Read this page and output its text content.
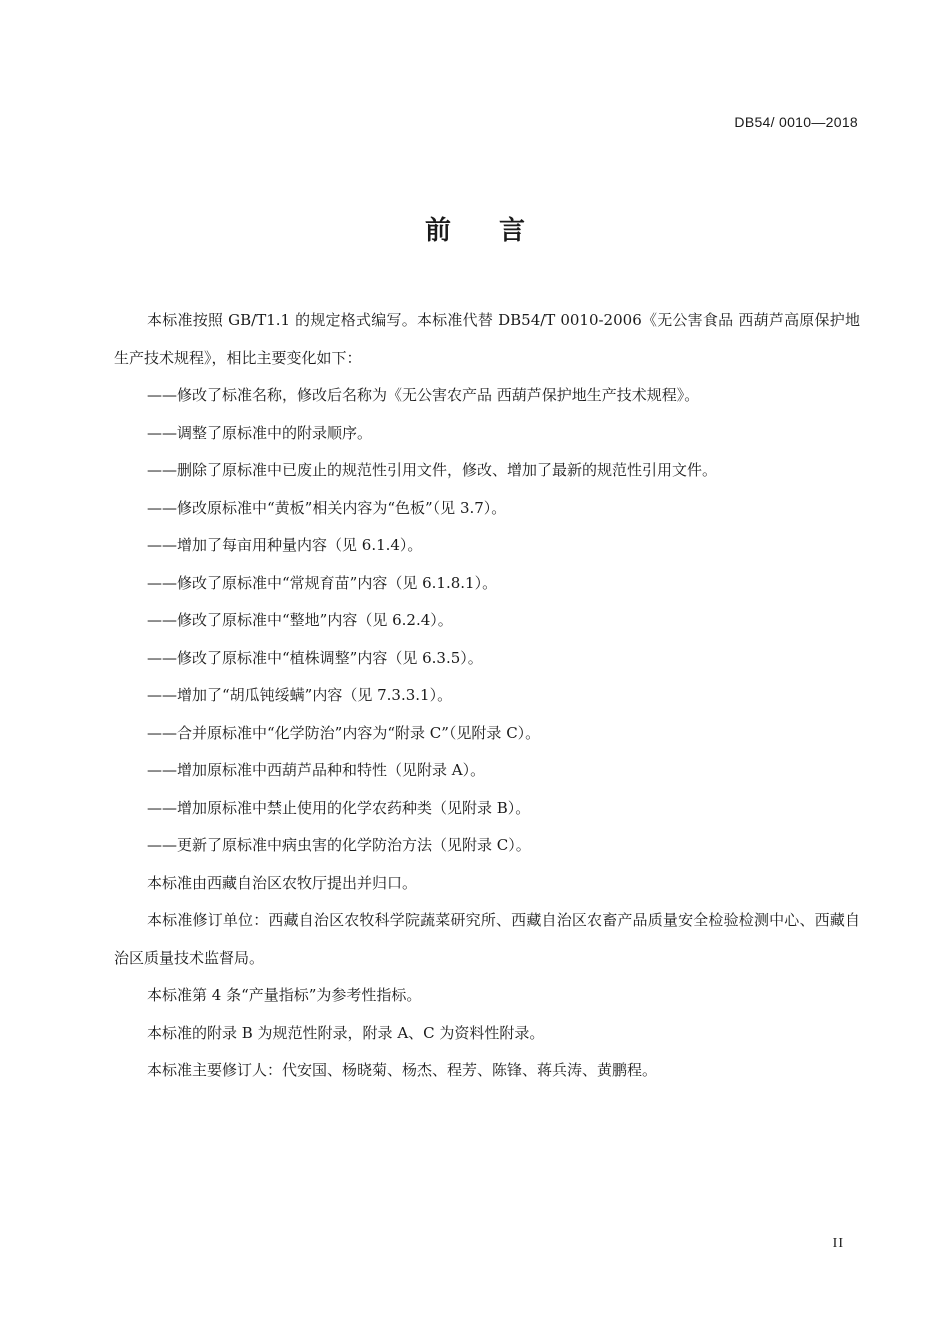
DB54/ 0010—2018
前言

本标准按照 GB/T1.1 的规定格式编写。本标准代替 DB54/T 0010-2006《无公害食品 西葫芦高原保护地生产技术规程》，相比主要变化如下：

——修改了标准名称，修改后名称为《无公害农产品 西葫芦保护地生产技术规程》。

——调整了原标准中的附录顺序。

——删除了原标准中已废止的规范性引用文件，修改、增加了最新的规范性引用文件。

——修改原标准中“黄板”相关内容为“色板”（见 3.7）。

——增加了每亩用种量内容（见 6.1.4）。

——修改了原标准中“常规育苗”内容（见 6.1.8.1）。

——修改了原标准中“整地”内容（见 6.2.4）。

——修改了原标准中“植株调整”内容（见 6.3.5）。

——增加了“胡瓜钝绥螨”内容（见 7.3.3.1）。

——合并原标准中“化学防治”内容为“附录 C”（见附录 C）。

——增加原标准中西葫芦品种和特性（见附录 A）。

——增加原标准中禁止使用的化学农药种类（见附录 B）。

——更新了原标准中病虫害的化学防治方法（见附录 C）。

本标准由西藏自治区农牧厅提出并归口。

本标准修订单位：西藏自治区农牧科学院蔬菜研究所、西藏自治区农畜产品质量安全检验检测中心、西藏自治区质量技术监督局。

本标准第 4 条“产量指标”为参考性指标。

本标准的附录 B 为规范性附录，附录 A、C 为资料性附录。

本标准主要修订人：代安国、杨晓菊、杨杰、程芳、陈锋、蒋兵涛、黄鹏程。

II
